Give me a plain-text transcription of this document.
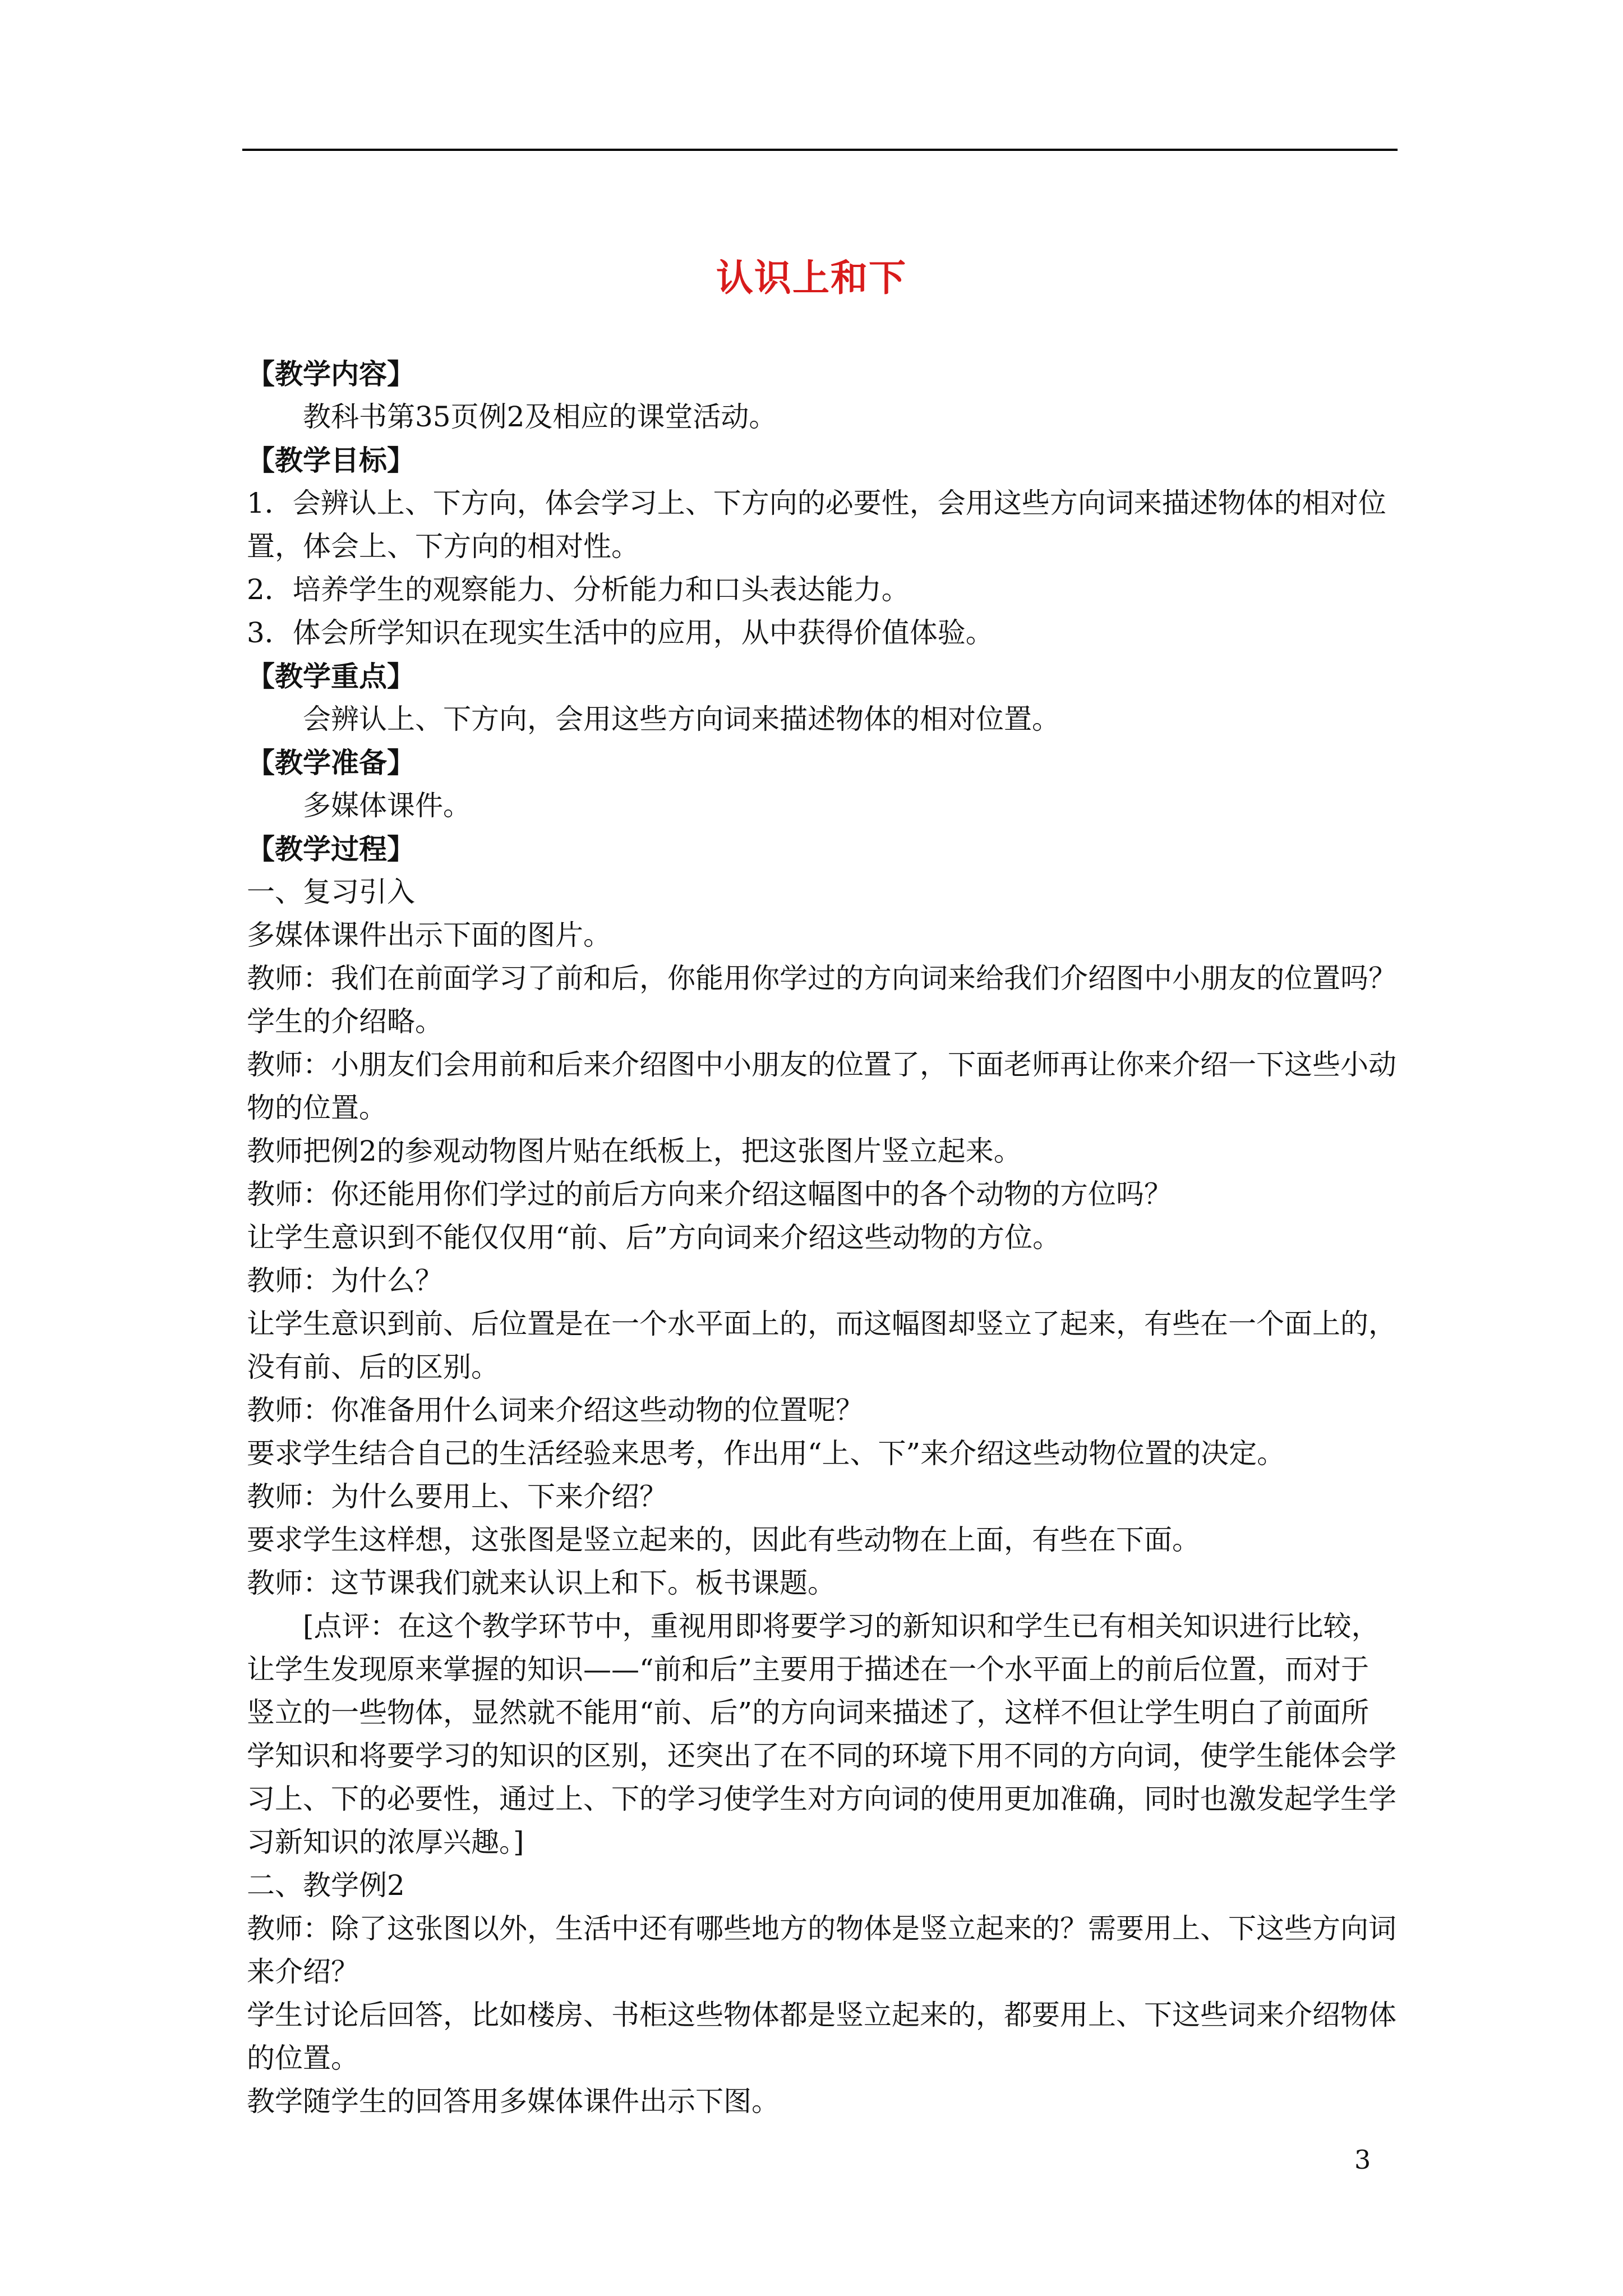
认识上和下

【教学内容】

教科书第35页例2及相应的课堂活动。

【教学目标】

1．会辨认上、下方向，体会学习上、下方向的必要性，会用这些方向词来描述物体的相对位置，体会上、下方向的相对性。

2．培养学生的观察能力、分析能力和口头表达能力。

3．体会所学知识在现实生活中的应用，从中获得价值体验。

【教学重点】

会辨认上、下方向，会用这些方向词来描述物体的相对位置。

【教学准备】

多媒体课件。

【教学过程】

一、复习引入

多媒体课件出示下面的图片。

教师：我们在前面学习了前和后，你能用你学过的方向词来给我们介绍图中小朋友的位置吗？

学生的介绍略。

教师：小朋友们会用前和后来介绍图中小朋友的位置了，下面老师再让你来介绍一下这些小动物的位置。

教师把例2的参观动物图片贴在纸板上，把这张图片竖立起来。

教师：你还能用你们学过的前后方向来介绍这幅图中的各个动物的方位吗？

让学生意识到不能仅仅用“前、后”方向词来介绍这些动物的方位。

教师：为什么？

让学生意识到前、后位置是在一个水平面上的，而这幅图却竖立了起来，有些在一个面上的，没有前、后的区别。

教师：你准备用什么词来介绍这些动物的位置呢？

要求学生结合自己的生活经验来思考，作出用“上、下”来介绍这些动物位置的决定。

教师：为什么要用上、下来介绍？

要求学生这样想，这张图是竖立起来的，因此有些动物在上面，有些在下面。

教师：这节课我们就来认识上和下。板书课题。

[点评：在这个教学环节中，重视用即将要学习的新知识和学生已有相关知识进行比较，让学生发现原来掌握的知识——“前和后”主要用于描述在一个水平面上的前后位置，而对于竖立的一些物体，显然就不能用“前、后”的方向词来描述了，这样不但让学生明白了前面所学知识和将要学习的知识的区别，还突出了在不同的环境下用不同的方向词，使学生能体会学习上、下的必要性，通过上、下的学习使学生对方向词的使用更加准确，同时也激发起学生学习新知识的浓厚兴趣。]

二、教学例2

教师：除了这张图以外，生活中还有哪些地方的物体是竖立起来的？需要用上、下这些方向词来介绍？

学生讨论后回答，比如楼房、书柜这些物体都是竖立起来的，都要用上、下这些词来介绍物体的位置。

教学随学生的回答用多媒体课件出示下图。

3
